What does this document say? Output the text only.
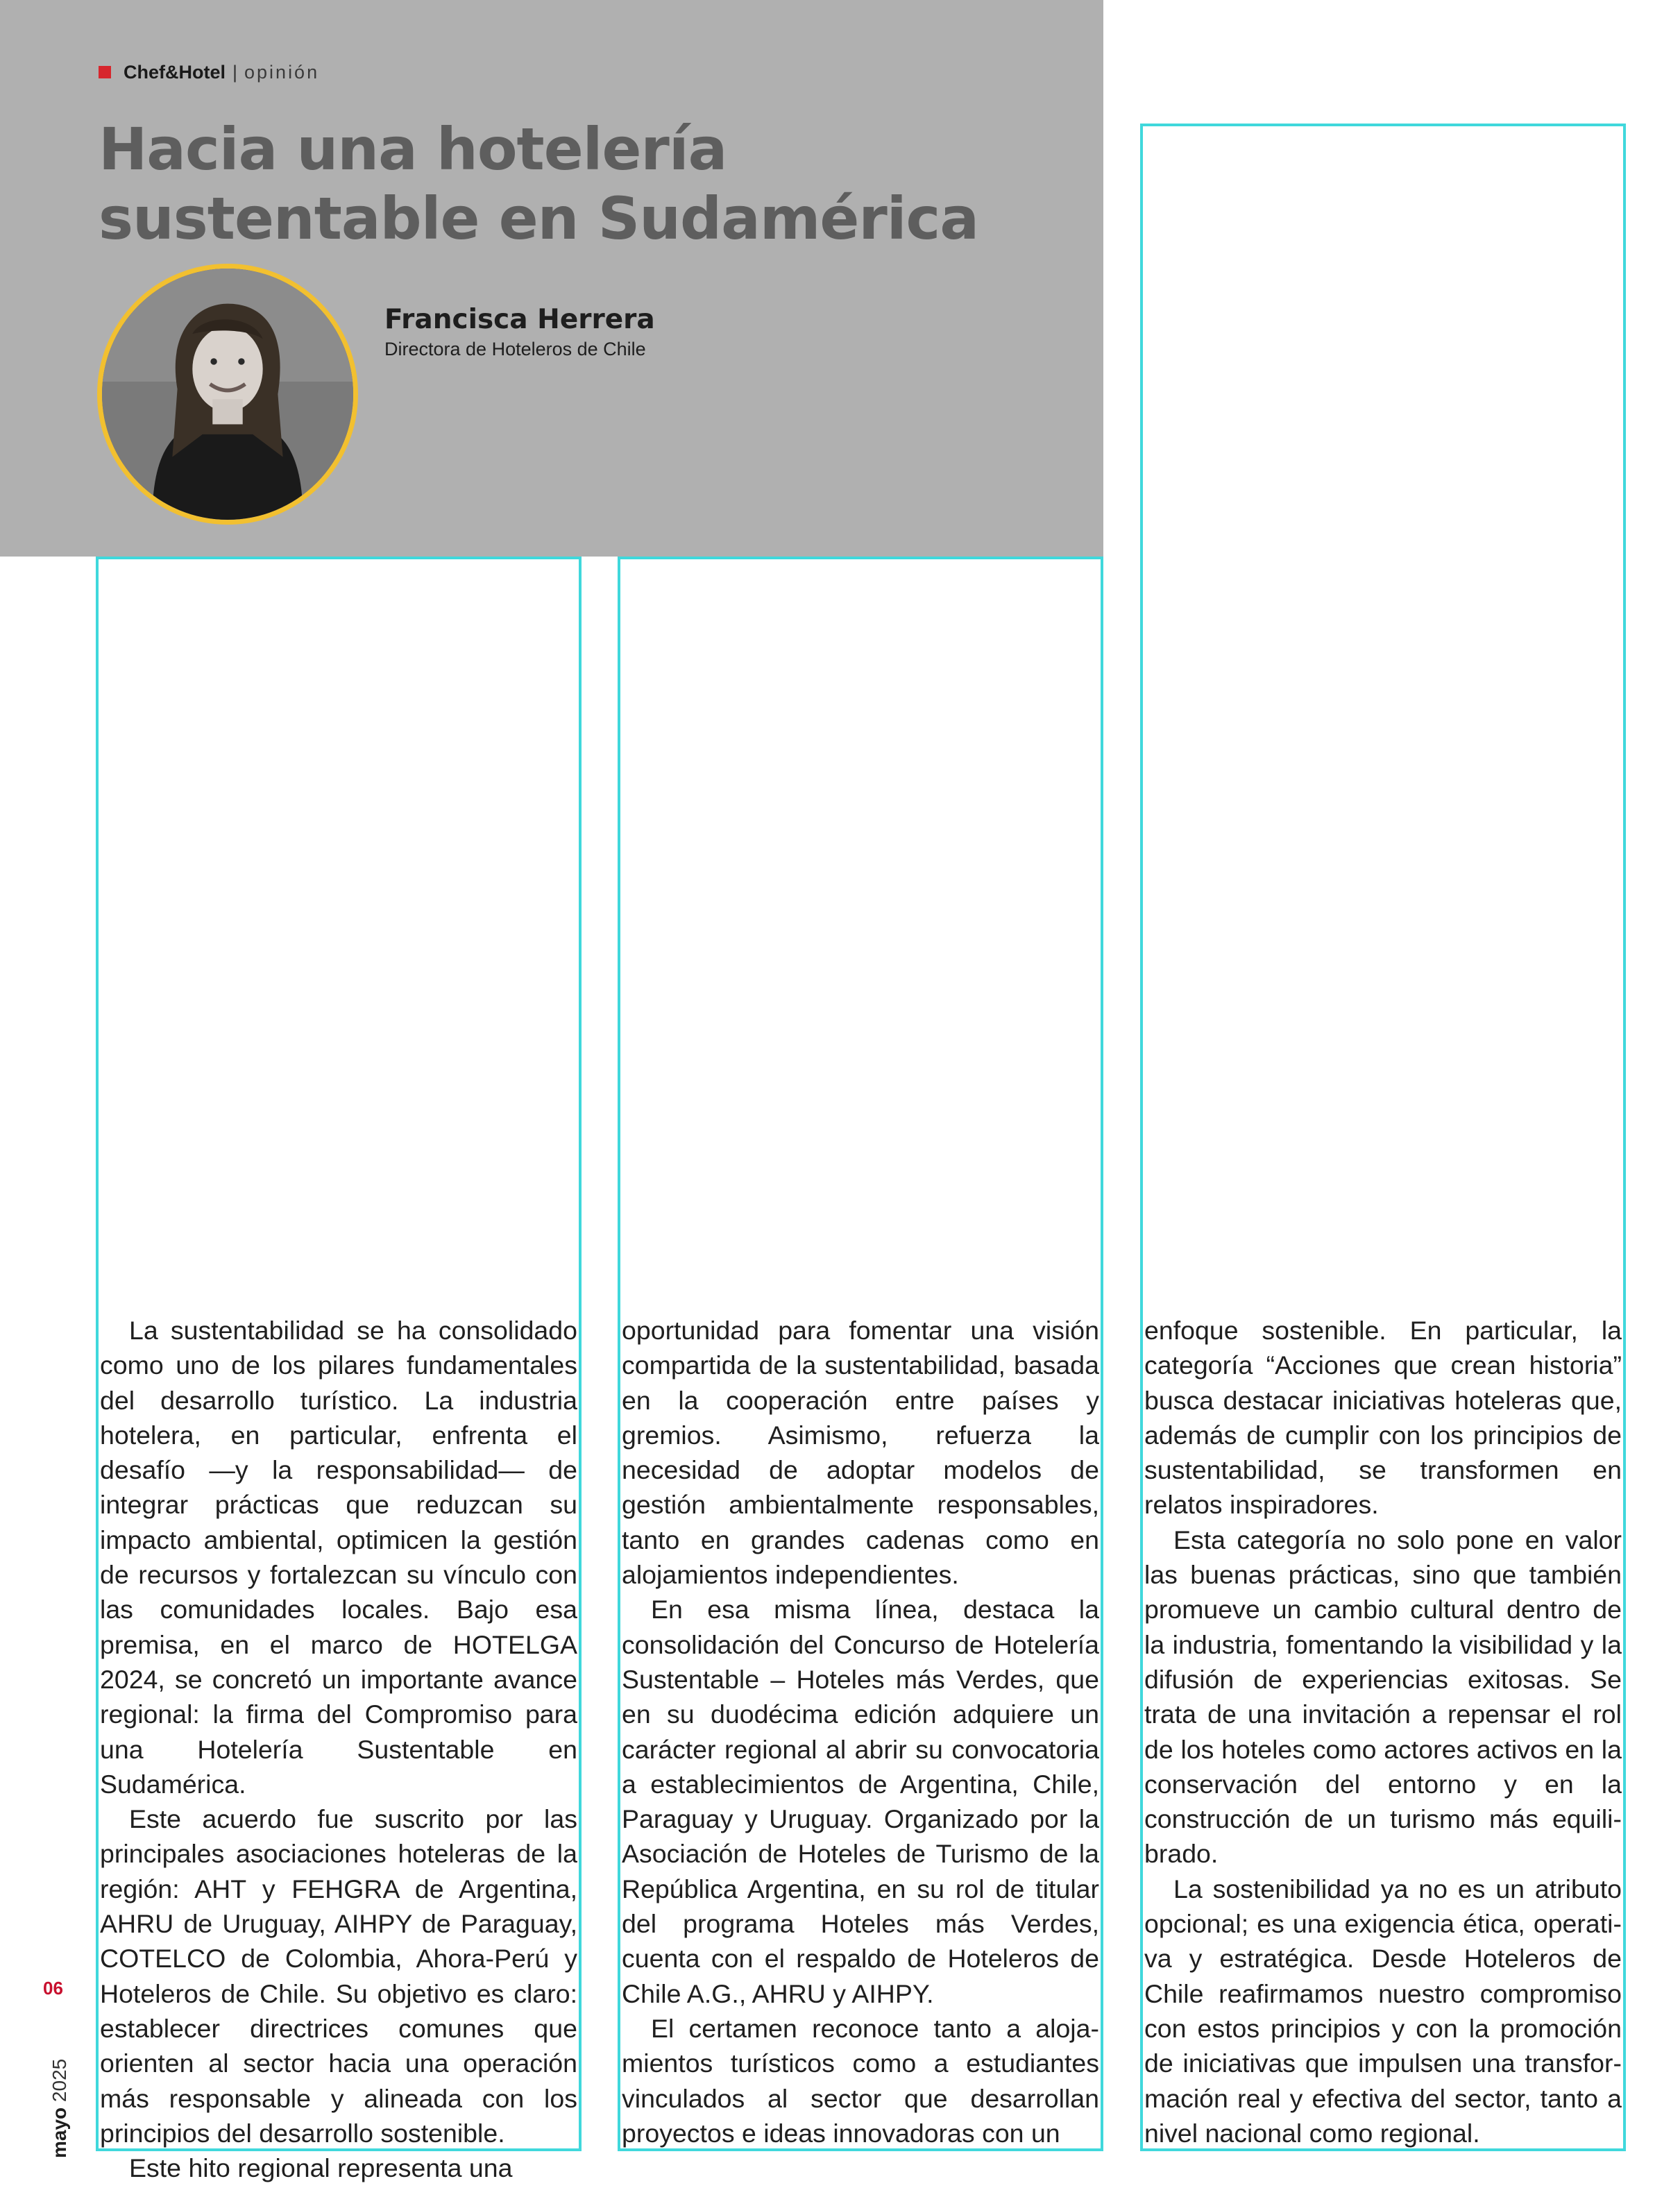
Chef&Hotel | opinión
Hacia una hotelería
sustentable en Sudamérica
Francisca Herrera
Directora de Hoteleros de Chile

La sustentabilidad se ha consolidado como uno de los pilares fundamentales del desarrollo turístico. La industria hotelera, en particular, enfrenta el desafío —y la responsabilidad— de integrar prácticas que reduzcan su impacto ambiental, optimicen la gestión de recursos y fortalezcan su vínculo con las comunidades locales. Bajo esa premisa, en el marco de HOTELGA 2024, se concretó un importante avance regional: la firma del Compromiso para una Hotelería Sustentable en Sudamérica.

Este acuerdo fue suscrito por las principales asociaciones hoteleras de la región: AHT y FEHGRA de Argentina, AHRU de Uruguay, AIHPY de Paraguay, COTELCO de Colombia, Ahora-Perú y Hoteleros de Chile. Su objetivo es claro: establecer directrices comunes que orienten al sector hacia una operación más responsable y alineada con los principios del desarrollo sostenible.

Este hito regional representa una

oportunidad para fomentar una visión compartida de la sustentabilidad, basada en la cooperación entre países y gremios. Asimismo, refuerza la necesidad de adoptar modelos de gestión ambientalmente responsables, tanto en grandes cadenas como en alojamientos independientes.

En esa misma línea, destaca la consolidación del Concurso de Hotelería Sustentable – Hoteles más Verdes, que en su duodécima edición adquiere un carácter regional al abrir su convocatoria a establecimientos de Argentina, Chile, Paraguay y Uruguay. Organizado por la Asociación de Hoteles de Turismo de la República Argentina, en su rol de titular del programa Hoteles más Verdes, cuenta con el respaldo de Hoteleros de Chile A.G., AHRU y AIHPY.

El certamen reconoce tanto a alojamientos turísticos como a estudiantes vinculados al sector que desarrollan proyectos e ideas innovadoras con un

enfoque sostenible. En particular, la categoría “Acciones que crean historia” busca destacar iniciativas hoteleras que, además de cumplir con los principios de sustentabilidad, se transformen en relatos inspiradores.

Esta categoría no solo pone en valor las buenas prácticas, sino que también promueve un cambio cultural dentro de la industria, fomentando la visibilidad y la difusión de experiencias exitosas. Se trata de una invitación a repensar el rol de los hoteles como actores activos en la conservación del entorno y en la construcción de un turismo más equilibrado.

La sostenibilidad ya no es un atributo opcional; es una exigencia ética, operativa y estratégica. Desde Hoteleros de Chile reafirmamos nuestro compromiso con estos principios y con la promoción de iniciativas que impulsen una transformación real y efectiva del sector, tanto a nivel nacional como regional.

06
mayo 2025
